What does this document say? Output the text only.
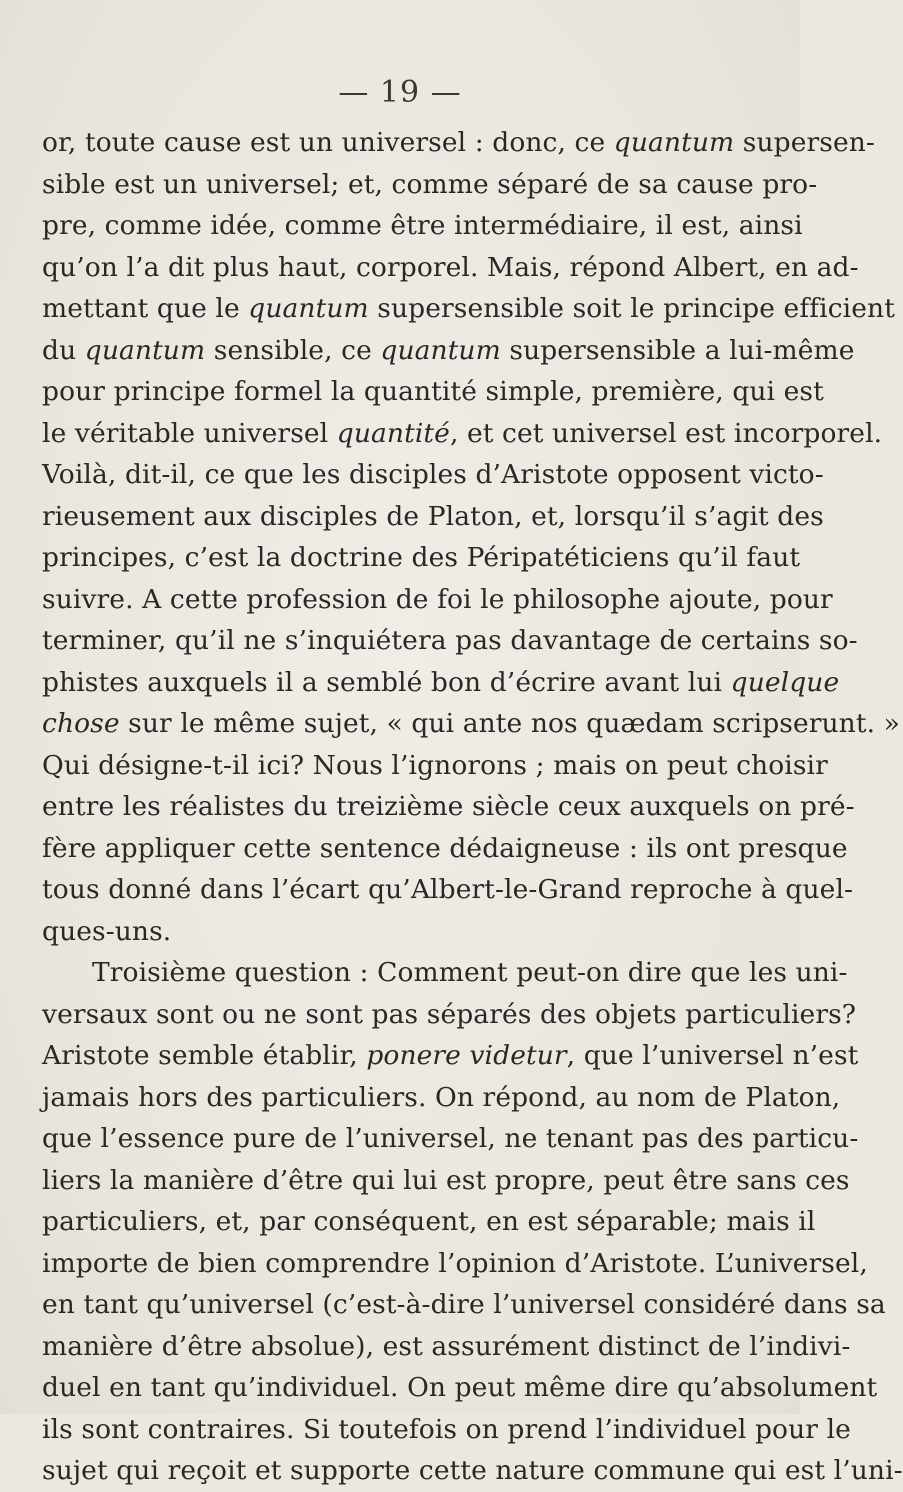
— 19 —
or, toute cause est un universel : donc, ce quantum supersen-
sible est un universel; et, comme séparé de sa cause pro-
pre, comme idée, comme être intermédiaire, il est, ainsi
qu’on l’a dit plus haut, corporel. Mais, répond Albert, en ad-
mettant que le quantum supersensible soit le principe efficient
du quantum sensible, ce quantum supersensible a lui-même
pour principe formel la quantité simple, première, qui est
le véritable universel quantité, et cet universel est incorporel.
Voilà, dit-il, ce que les disciples d’Aristote opposent victo-
rieusement aux disciples de Platon, et, lorsqu’il s’agit des
principes, c’est la doctrine des Péripatéticiens qu’il faut
suivre. A cette profession de foi le philosophe ajoute, pour
terminer, qu’il ne s’inquiétera pas davantage de certains so-
phistes auxquels il a semblé bon d’écrire avant lui quelque
chose sur le même sujet, « qui ante nos quædam scripserunt. »
Qui désigne-t-il ici? Nous l’ignorons ; mais on peut choisir
entre les réalistes du treizième siècle ceux auxquels on pré-
fère appliquer cette sentence dédaigneuse : ils ont presque
tous donné dans l’écart qu’Albert-le-Grand reproche à quel-
ques-uns.
Troisième question : Comment peut-on dire que les uni-
versaux sont ou ne sont pas séparés des objets particuliers?
Aristote semble établir, ponere videtur, que l’universel n’est
jamais hors des particuliers. On répond, au nom de Platon,
que l’essence pure de l’universel, ne tenant pas des particu-
liers la manière d’être qui lui est propre, peut être sans ces
particuliers, et, par conséquent, en est séparable; mais il
importe de bien comprendre l’opinion d’Aristote. L’universel,
en tant qu’universel (c’est-à-dire l’universel considéré dans sa
manière d’être absolue), est assurément distinct de l’indivi-
duel en tant qu’individuel. On peut même dire qu’absolument
ils sont contraires. Si toutefois on prend l’individuel pour le
sujet qui reçoit et supporte cette nature commune qui est l’uni-
